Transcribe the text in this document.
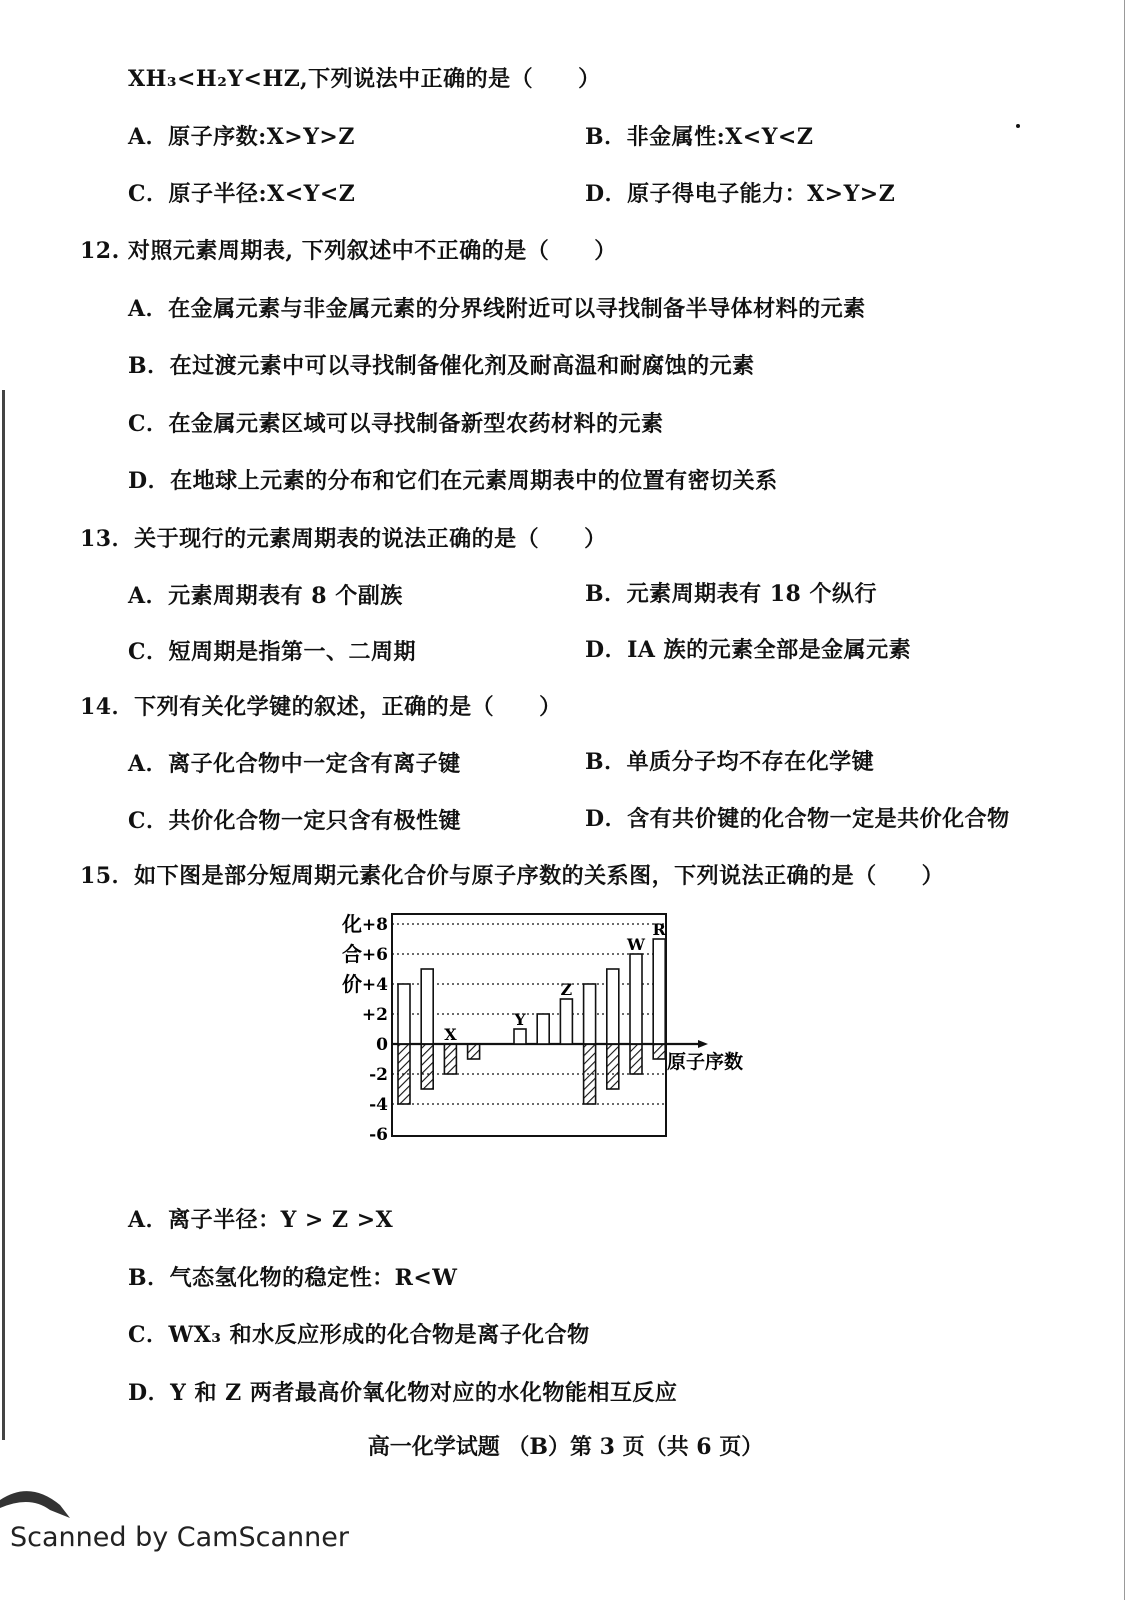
XH₃<H₂Y<HZ,下列说法中正确的是（　　）
A．原子序数:X>Y>Z	B．非金属性:X<Y<Z
C．原子半径:X<Y<Z	D．原子得电子能力：X>Y>Z
12. 对照元素周期表, 下列叙述中不正确的是（　　）
A．在金属元素与非金属元素的分界线附近可以寻找制备半导体材料的元素
B．在过渡元素中可以寻找制备催化剂及耐高温和耐腐蚀的元素
C．在金属元素区域可以寻找制备新型农药材料的元素
D．在地球上元素的分布和它们在元素周期表中的位置有密切关系
13．关于现行的元素周期表的说法正确的是（　　）
A．元素周期表有 8 个副族	B．元素周期表有 18 个纵行
C．短周期是指第一、二周期	D．IA 族的元素全部是金属元素
14．下列有关化学键的叙述，正确的是（　　）
A．离子化合物中一定含有离子键	B．单质分子均不存在化学键
C．共价化合物一定只含有极性键	D．含有共价键的化合物一定是共价化合物
15．如下图是部分短周期元素化合价与原子序数的关系图，下列说法正确的是（　　）
+8
+6
+4
+2
0
-2
-4
-6
化
合
价
原子序数
X
Y
Z
W
R
A．离子半径：Y > Z >X
B．气态氢化物的稳定性：R<W
C．WX₃ 和水反应形成的化合物是离子化合物
D．Y 和 Z 两者最高价氧化物对应的水化物能相互反应
高一化学试题 （B）第 3 页（共 6 页）
Scanned by CamScanner
